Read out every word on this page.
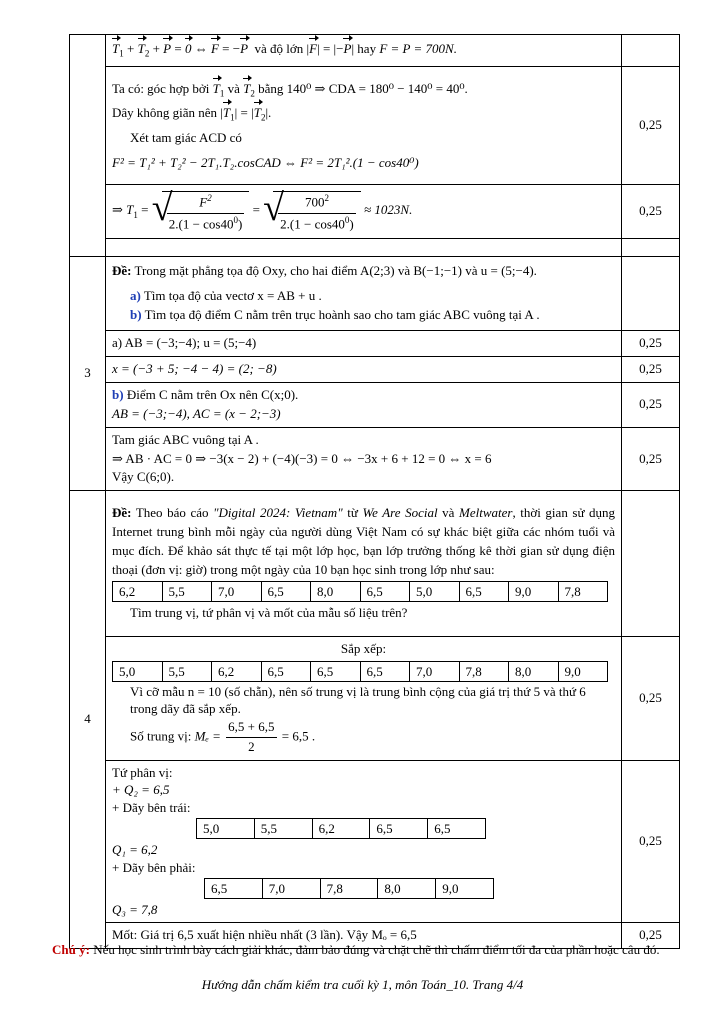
	$T_1 + T_2 + P = 0$ ⇔ F = −P và độ lớn |F| = |−P| hay F = P = 700N.	

Ta có: góc hợp bởi $T_1$ và $T_2$ bằng 140⁰ ⇒ CDA = 180⁰ − 140⁰ = 40⁰.
Dây không giãn nên $|T_1| = |T_2|$.
Xét tam giác ACD có
F² = T₁² + T₂² − 2T₁.T₂.cosCAD ⇔ F² = 2T₁².(1 − cos40⁰)
	0,25
⇒ $T_1$ = √
$\frac{F^2}{2.(1 - \cos 40^0)}$ = √
$\frac{700^2}{2.(1 - \cos 40^0)} \approx 1023N$.	0,25

3	
Đề: Trong mặt phẳng tọa độ Oxy, cho hai điểm A(2;3) và B(−1;−1) và u = (5;−4).
a) Tìm tọa độ của vectơ x = AB + u .
b) Tìm tọa độ điểm C nằm trên trục hoành sao cho tam giác ABC vuông tại A .

a) AB = (−3;−4); u = (5;−4)	0,25
x = (−3 + 5; −4 − 4) = (2; −8)	0,25

b) Điểm C nằm trên Ox nên C(x;0).
AB = (−3;−4), AC = (x − 2;−3)
	0,25

Tam giác ABC vuông tại A .
⇒ AB · AC = 0 ⇒ −3(x − 2) + (−4)(−3) = 0 ⇔ −3x + 6 + 12 = 0 ⇔ x = 6
Vậy C(6;0).
	0,25
4	
Đề: Theo báo cáo "Digital 2024: Vietnam" từ We Are Social và Meltwater, thời gian sử dụng Internet trung bình mỗi ngày của người dùng Việt Nam có sự khác biệt giữa các nhóm tuổi và mục đích. Để khảo sát thực tế tại một lớp học, bạn lớp trưởng thống kê thời gian sử dụng điện thoại (đơn vị: giờ) trong một ngày của 10 bạn học sinh trong lớp như sau:
6,2	5,5	7,0	6,5	8,0	6,5	5,0	6,5	9,0	7,8
Tìm trung vị, tứ phân vị và mốt của mẫu số liệu trên?

Sắp xếp:
5,0	5,5	6,2	6,5	6,5	6,5	7,0	7,8	8,0	9,0
Vì cỡ mẫu n = 10 (số chẵn), nên số trung vị là trung bình cộng của giá trị thứ 5 và thứ 6 trong dãy đã sắp xếp.
Số trung vị: $M_e = \frac{6,5 + 6,5}{2} = 6,5$ .
	0,25

Tứ phân vị:
+ Q₂ = 6,5
+ Dãy bên trái:
5,0	5,5	6,2	6,5	6,5
Q₁ = 6,2
+ Dãy bên phải:
6,5	7,0	7,8	8,0	9,0
Q₃ = 7,8
	0,25
Mốt: Giá trị 6,5 xuất hiện nhiều nhất (3 lần). Vậy Mₒ = 6,5	0,25
Chú ý: Nếu học sinh trình bày cách giải khác, đảm bảo đúng và chặt chẽ thì chấm điểm tối đa của phần hoặc câu đó.
Hướng dẫn chấm kiểm tra cuối kỳ 1, môn Toán_10. Trang 4/4
